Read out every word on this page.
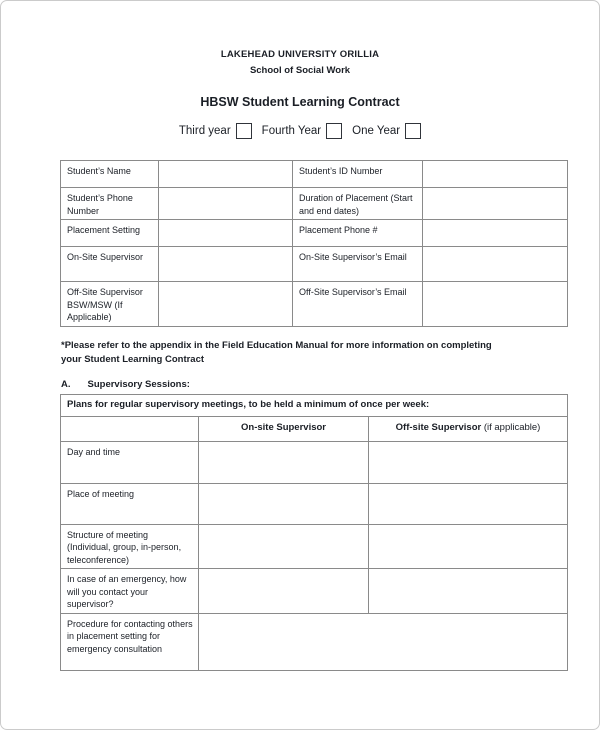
LAKEHEAD UNIVERSITY ORILLIA
School of Social Work
HBSW Student Learning Contract
Third year	Fourth Year	One Year
Student’s Name		Student’s ID Number	
Student’s Phone Number		Duration of Placement (Start and end dates)	
Placement Setting		Placement Phone #	
On-Site Supervisor		On-Site Supervisor’s Email	
Off-Site Supervisor BSW/MSW (If Applicable)		Off-Site Supervisor’s Email	
*Please refer to the appendix in the Field Education Manual for more information on completing your Student Learning Contract
A. Supervisory Sessions:
Plans for regular supervisory meetings, to be held a minimum of once per week:		
	On-site Supervisor	Off-site Supervisor (if applicable)
Day and time		
Place of meeting		
Structure of meeting (Individual, group, in-person, teleconference)		
In case of an emergency, how will you contact your supervisor?		
Procedure for contacting others in placement setting for emergency consultation		
